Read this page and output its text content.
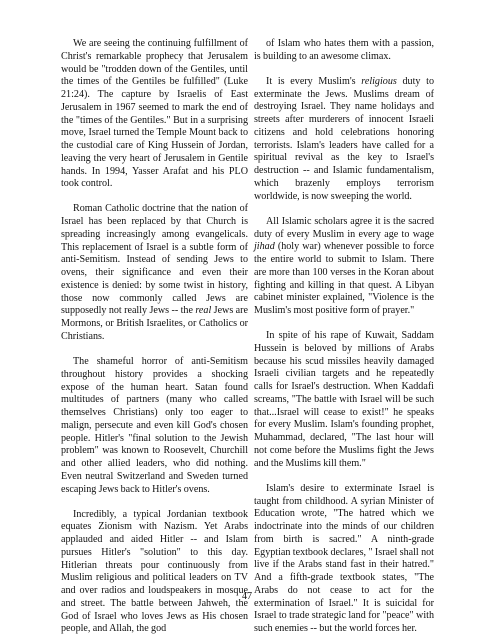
We are seeing the continuing fulfillment of Christ's remarkable prophecy that Jerusalem would be "trodden down of the Gentiles, until the times of the Gentiles be fulfilled" (Luke 21:24). The capture by Israelis of East Jerusalem in 1967 seemed to mark the end of the "times of the Gentiles." But in a surprising move, Israel turned the Temple Mount back to the custodial care of King Hussein of Jordan, leaving the very heart of Jerusalem in Gentile hands. In 1994, Yasser Arafat and his PLO took control.

Roman Catholic doctrine that the nation of Israel has been replaced by that Church is spreading increasingly among evangelicals. This replacement of Israel is a subtle form of anti-Semitism. Instead of sending Jews to ovens, their significance and even their existence is denied: by some twist in history, those now commonly called Jews are supposedly not really Jews -- the real Jews are Mormons, or British Israelites, or Catholics or Christians.

The shameful horror of anti-Semitism throughout history provides a shocking expose of the human heart. Satan found multitudes of partners (many who called themselves Christians) only too eager to malign, persecute and even kill God's chosen people. Hitler's "final solution to the Jewish problem" was known to Roosevelt, Churchill and other allied leaders, who did nothing. Even neutral Switzerland and Sweden turned escaping Jews back to Hitler's ovens.

Incredibly, a typical Jordanian textbook equates Zionism with Nazism. Yet Arabs applauded and aided Hitler -- and Islam pursues Hitler's "solution" to this day. Hitlerian threats pour continuously from Muslim religious and political leaders on TV and over radios and loudspeakers in mosque and street. The battle between Jahweh, the God of Israel who loves Jews as His chosen people, and Allah, the god

of Islam who hates them with a passion, is building to an awesome climax.

It is every Muslim's religious duty to exterminate the Jews. Muslims dream of destroying Israel. They name holidays and streets after murderers of innocent Israeli citizens and hold celebrations honoring terrorists. Islam's leaders have called for a spiritual revival as the key to Israel's destruction -- and Islamic fundamentalism, which brazenly employs terrorism worldwide, is now sweeping the world.

All Islamic scholars agree it is the sacred duty of every Muslim in every age to wage jihad (holy war) whenever possible to force the entire world to submit to Islam. There are more than 100 verses in the Koran about fighting and killing in that quest. A Libyan cabinet minister explained, "Violence is the Muslim's most positive form of prayer."

In spite of his rape of Kuwait, Saddam Hussein is beloved by millions of Arabs because his scud missiles heavily damaged Israeli civilian targets and he repeatedly calls for Israel's destruction. When Kaddafi screams, "The battle with Israel will be such that...Israel will cease to exist!" he speaks for every Muslim. Islam's founding prophet, Muhammad, declared, "The last hour will not come before the Muslims fight the Jews and the Muslims kill them."

Islam's desire to exterminate Israel is taught from childhood. A syrian Minister of Education wrote, "The hatred which we indoctrinate into the minds of our children from birth is sacred." A ninth-grade Egyptian textbook declares, " Israel shall not live if the Arabs stand fast in their hatred." And a fifth-grade textbook states, "The Arabs do not cease to act for the extermination of Israel." It is suicidal for Israel to trade strategic land for "peace" with such enemies -- but the world forces her.

47
